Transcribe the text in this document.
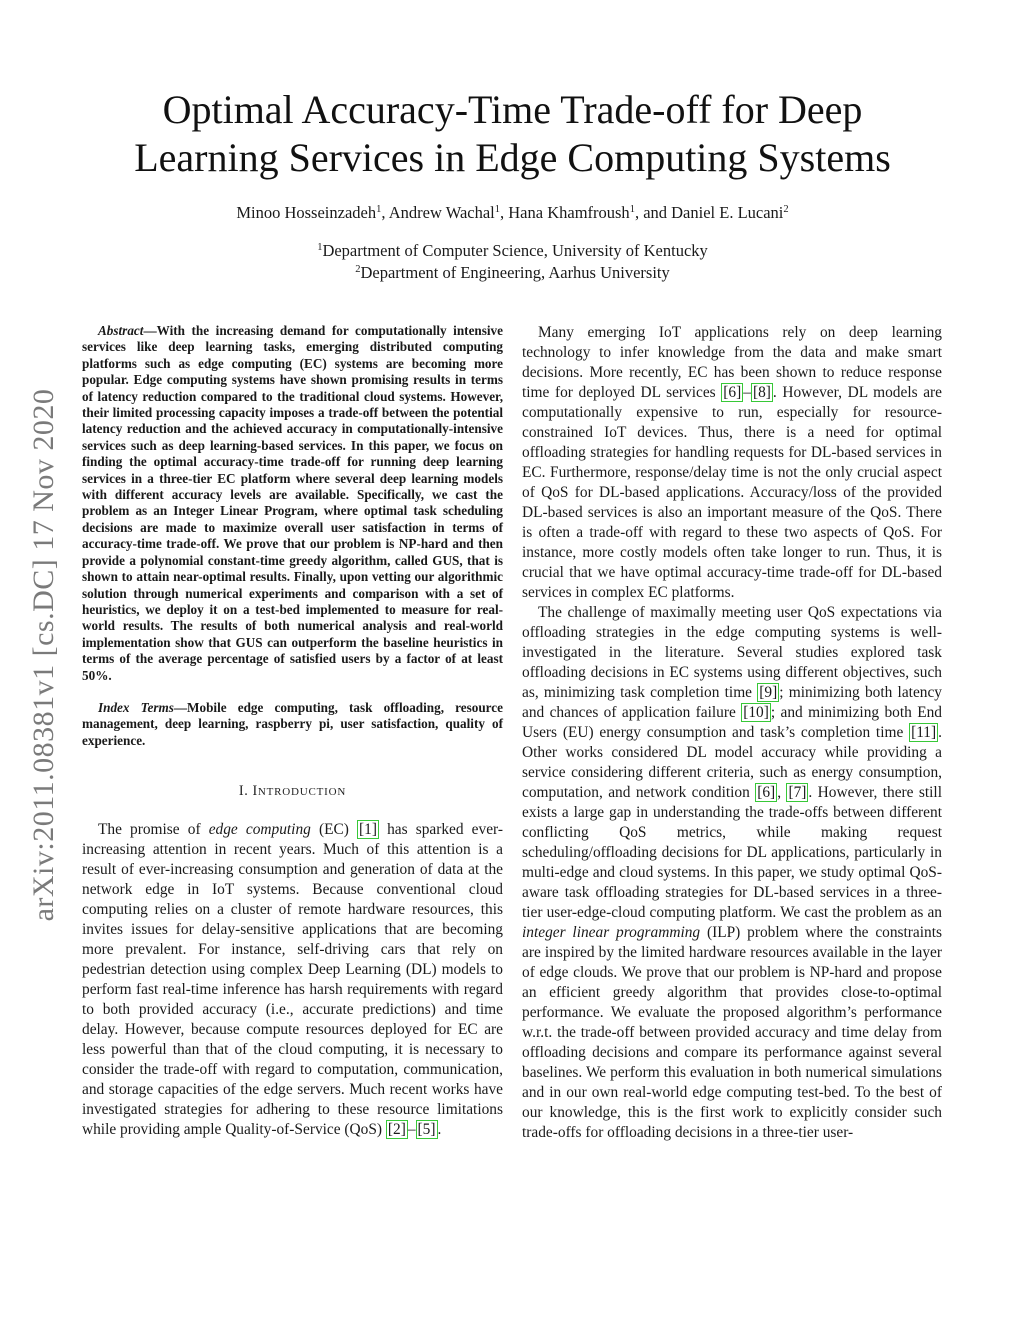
arXiv:2011.08381v1 [cs.DC] 17 Nov 2020
Optimal Accuracy-Time Trade-off for Deep Learning Services in Edge Computing Systems
Minoo Hosseinzadeh$^1$, Andrew Wachal$^1$, Hana Khamfroush$^1$, and Daniel E. Lucani$^2$
$^1$Department of Computer Science, University of Kentucky
$^2$Department of Engineering, Aarhus University

Abstract—With the increasing demand for computationally intensive services like deep learning tasks, emerging distributed computing platforms such as edge computing (EC) systems are becoming more popular. Edge computing systems have shown promising results in terms of latency reduction compared to the traditional cloud systems. However, their limited processing capacity imposes a trade-off between the potential latency reduction and the achieved accuracy in computationally-intensive services such as deep learning-based services. In this paper, we focus on finding the optimal accuracy-time trade-off for running deep learning services in a three-tier EC platform where several deep learning models with different accuracy levels are available. Specifically, we cast the problem as an Integer Linear Program, where optimal task scheduling decisions are made to maximize overall user satisfaction in terms of accuracy-time trade-off. We prove that our problem is NP-hard and then provide a polynomial constant-time greedy algorithm, called GUS, that is shown to attain near-optimal results. Finally, upon vetting our algorithmic solution through numerical experiments and comparison with a set of heuristics, we deploy it on a test-bed implemented to measure for real-world results. The results of both numerical analysis and real-world implementation show that GUS can outperform the baseline heuristics in terms of the average percentage of satisfied users by a factor of at least 50%.

Index Terms—Mobile edge computing, task offloading, resource management, deep learning, raspberry pi, user satisfaction, quality of experience.

I. INTRODUCTION

The promise of edge computing (EC) [1] has sparked ever-increasing attention in recent years. Much of this attention is a result of ever-increasing consumption and generation of data at the network edge in IoT systems. Because conventional cloud computing relies on a cluster of remote hardware resources, this invites issues for delay-sensitive applications that are becoming more prevalent. For instance, self-driving cars that rely on pedestrian detection using complex Deep Learning (DL) models to perform fast real-time inference has harsh requirements with regard to both provided accuracy (i.e., accurate predictions) and time delay. However, because compute resources deployed for EC are less powerful than that of the cloud computing, it is necessary to consider the trade-off with regard to computation, communication, and storage capacities of the edge servers. Much recent works have investigated strategies for adhering to these resource limitations while providing ample Quality-of-Service (QoS) [2] – [5] .

Many emerging IoT applications rely on deep learning technology to infer knowledge from the data and make smart decisions. More recently, EC has been shown to reduce response time for deployed DL services [6] – [8] . However, DL models are computationally expensive to run, especially for resource-constrained IoT devices. Thus, there is a need for optimal offloading strategies for handling requests for DL-based services in EC. Furthermore, response/delay time is not the only crucial aspect of QoS for DL-based applications. Accuracy/loss of the provided DL-based services is also an important measure of the QoS. There is often a trade-off with regard to these two aspects of QoS. For instance, more costly models often take longer to run. Thus, it is crucial that we have optimal accuracy-time trade-off for DL-based services in complex EC platforms.

The challenge of maximally meeting user QoS expectations via offloading strategies in the edge computing systems is well-investigated in the literature. Several studies explored task offloading decisions in EC systems using different objectives, such as, minimizing task completion time [9] ; minimizing both latency and chances of application failure [10] ; and minimizing both End Users (EU) energy consumption and task’s completion time [11] . Other works considered DL model accuracy while providing a service considering different criteria, such as energy consumption, computation, and network condition [6] , [7] . However, there still exists a large gap in understanding the trade-offs between different conflicting QoS metrics, while making request scheduling/offloading decisions for DL applications, particularly in multi-edge and cloud systems. In this paper, we study optimal QoS-aware task offloading strategies for DL-based services in a three-tier user-edge-cloud computing platform. We cast the problem as an integer linear programming (ILP) problem where the constraints are inspired by the limited hardware resources available in the layer of edge clouds. We prove that our problem is NP-hard and propose an efficient greedy algorithm that provides close-to-optimal performance. We evaluate the proposed algorithm’s performance w.r.t. the trade-off between provided accuracy and time delay from offloading decisions and compare its performance against several baselines. We perform this evaluation in both numerical simulations and in our own real-world edge computing test-bed. To the best of our knowledge, this is the first work to explicitly consider such trade-offs for offloading decisions in a three-tier user-
